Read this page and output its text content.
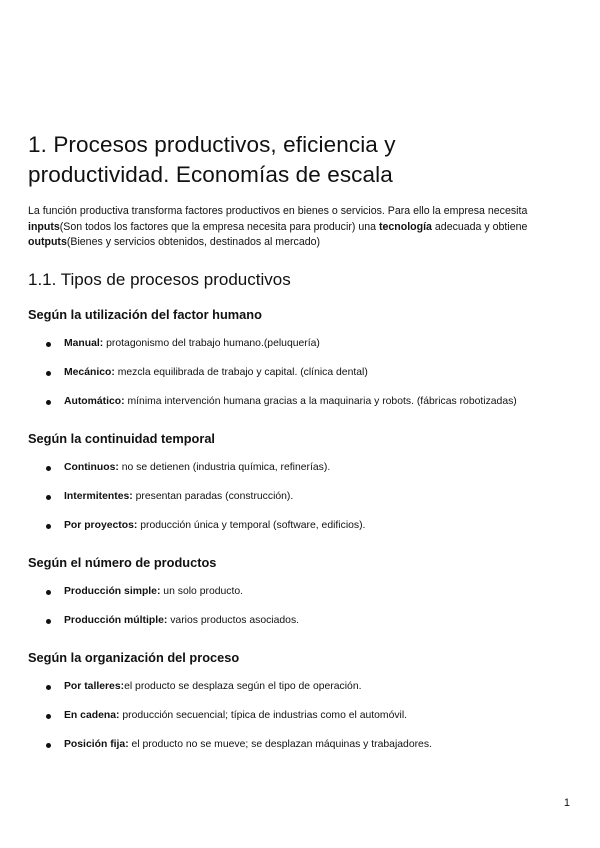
1. Procesos productivos, eficiencia y
productividad. Economías de escala

La función productiva transforma factores productivos en bienes o servicios. Para ello la empresa necesita
inputs(Son todos los factores que la empresa necesita para producir) una tecnología adecuada y obtiene
outputs(Bienes y servicios obtenidos, destinados al mercado)

1.1. Tipos de procesos productivos
Según la utilización del factor humano
Manual: protagonismo del trabajo humano.(peluquería)
Mecánico: mezcla equilibrada de trabajo y capital. (clínica dental)
Automático: mínima intervención humana gracias a la maquinaria y robots. (fábricas robotizadas)
Según la continuidad temporal
Continuos: no se detienen (industria química, refinerías).
Intermitentes: presentan paradas (construcción).
Por proyectos: producción única y temporal (software, edificios).
Según el número de productos
Producción simple: un solo producto.
Producción múltiple: varios productos asociados.
Según la organización del proceso
Por talleres:el producto se desplaza según el tipo de operación.
En cadena: producción secuencial; típica de industrias como el automóvil.
Posición fija: el producto no se mueve; se desplazan máquinas y trabajadores.
1
